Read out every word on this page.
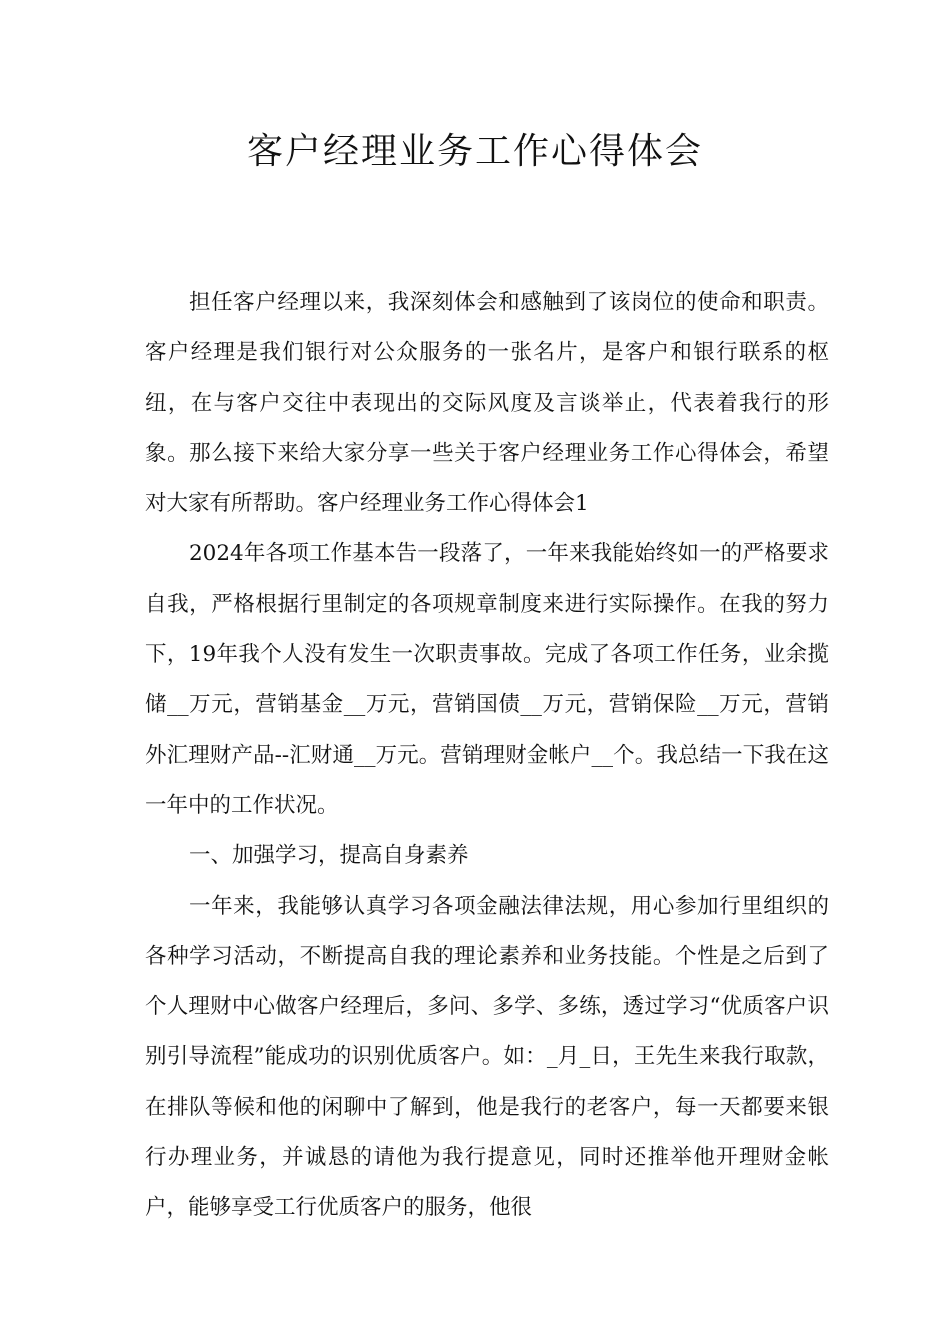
客户经理业务工作心得体会

担任客户经理以来，我深刻体会和感触到了该岗位的使命和职责。客户经理是我们银行对公众服务的一张名片，是客户和银行联系的枢纽，在与客户交往中表现出的交际风度及言谈举止，代表着我行的形象。那么接下来给大家分享一些关于客户经理业务工作心得体会，希望对大家有所帮助。客户经理业务工作心得体会1

2024年各项工作基本告一段落了，一年来我能始终如一的严格要求自我，严格根据行里制定的各项规章制度来进行实际操作。在我的努力下，19年我个人没有发生一次职责事故。完成了各项工作任务，业余揽储__万元，营销基金__万元，营销国债__万元，营销保险__万元，营销外汇理财产品--汇财通__万元。营销理财金帐户__个。我总结一下我在这一年中的工作状况。

一、加强学习，提高自身素养

一年来，我能够认真学习各项金融法律法规，用心参加行里组织的各种学习活动，不断提高自我的理论素养和业务技能。个性是之后到了个人理财中心做客户经理后，多问、多学、多练，透过学习“优质客户识别引导流程”能成功的识别优质客户。如：_月_日，王先生来我行取款，在排队等候和他的闲聊中了解到，他是我行的老客户，每一天都要来银行办理业务，并诚恳的请他为我行提意见，同时还推举他开理财金帐户，能够享受工行优质客户的服务，他很
